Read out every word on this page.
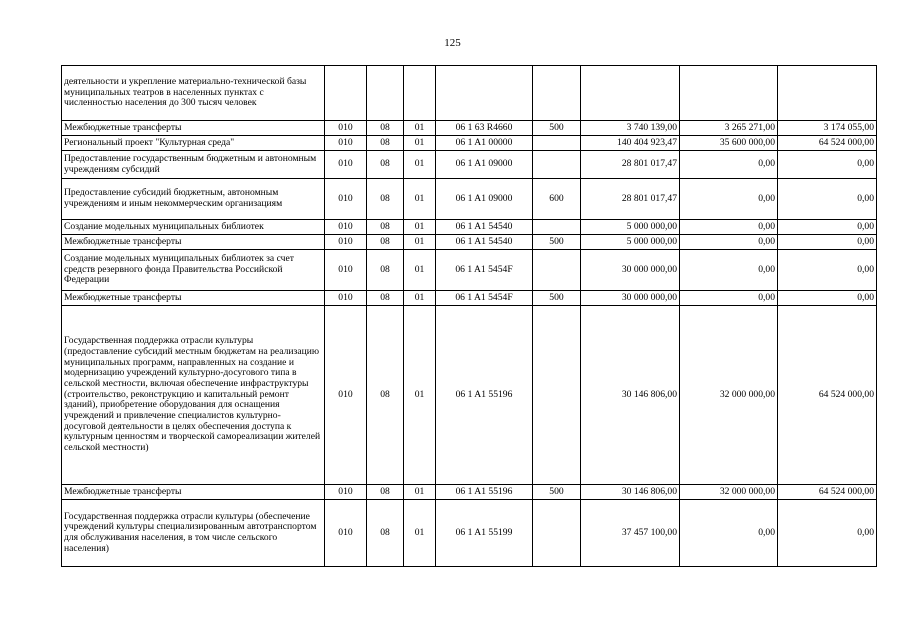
125
деятельности и укрепление материально-технической базы муниципальных театров в населенных пунктах с численностью населения до 300 тысяч человек								
Межбюджетные трансферты	010	08	01	06 1 63 R4660	500	3 740 139,00	3 265 271,00	3 174 055,00
Региональный проект "Культурная среда"	010	08	01	06 1 A1 00000		140 404 923,47	35 600 000,00	64 524 000,00
Предоставление государственным бюджетным и автономным учреждениям субсидий	010	08	01	06 1 A1 09000		28 801 017,47	0,00	0,00
Предоставление субсидий бюджетным, автономным учреждениям и иным некоммерческим организациям	010	08	01	06 1 A1 09000	600	28 801 017,47	0,00	0,00
Создание модельных муниципальных библиотек	010	08	01	06 1 A1 54540		5 000 000,00	0,00	0,00
Межбюджетные трансферты	010	08	01	06 1 A1 54540	500	5 000 000,00	0,00	0,00
Создание модельных муниципальных библиотек за счет средств резервного фонда Правительства Российской Федерации	010	08	01	06 1 A1 5454F		30 000 000,00	0,00	0,00
Межбюджетные трансферты	010	08	01	06 1 A1 5454F	500	30 000 000,00	0,00	0,00
Государственная поддержка отрасли культуры (предоставление субсидий местным бюджетам на реализацию муниципальных программ, направленных на создание и модернизацию учреждений культурно-досугового типа в сельской местности, включая обеспечение инфраструктуры (строительство, реконструкцию и капитальный ремонт зданий), приобретение оборудования для оснащения учреждений и привлечение специалистов культурно-досуговой деятельности в целях обеспечения доступа к культурным ценностям и творческой самореализации жителей сельской местности)	010	08	01	06 1 A1 55196		30 146 806,00	32 000 000,00	64 524 000,00
Межбюджетные трансферты	010	08	01	06 1 A1 55196	500	30 146 806,00	32 000 000,00	64 524 000,00
Государственная поддержка отрасли культуры (обеспечение учреждений культуры специализированным автотранспортом для обслуживания населения, в том числе сельского населения)	010	08	01	06 1 A1 55199		37 457 100,00	0,00	0,00
